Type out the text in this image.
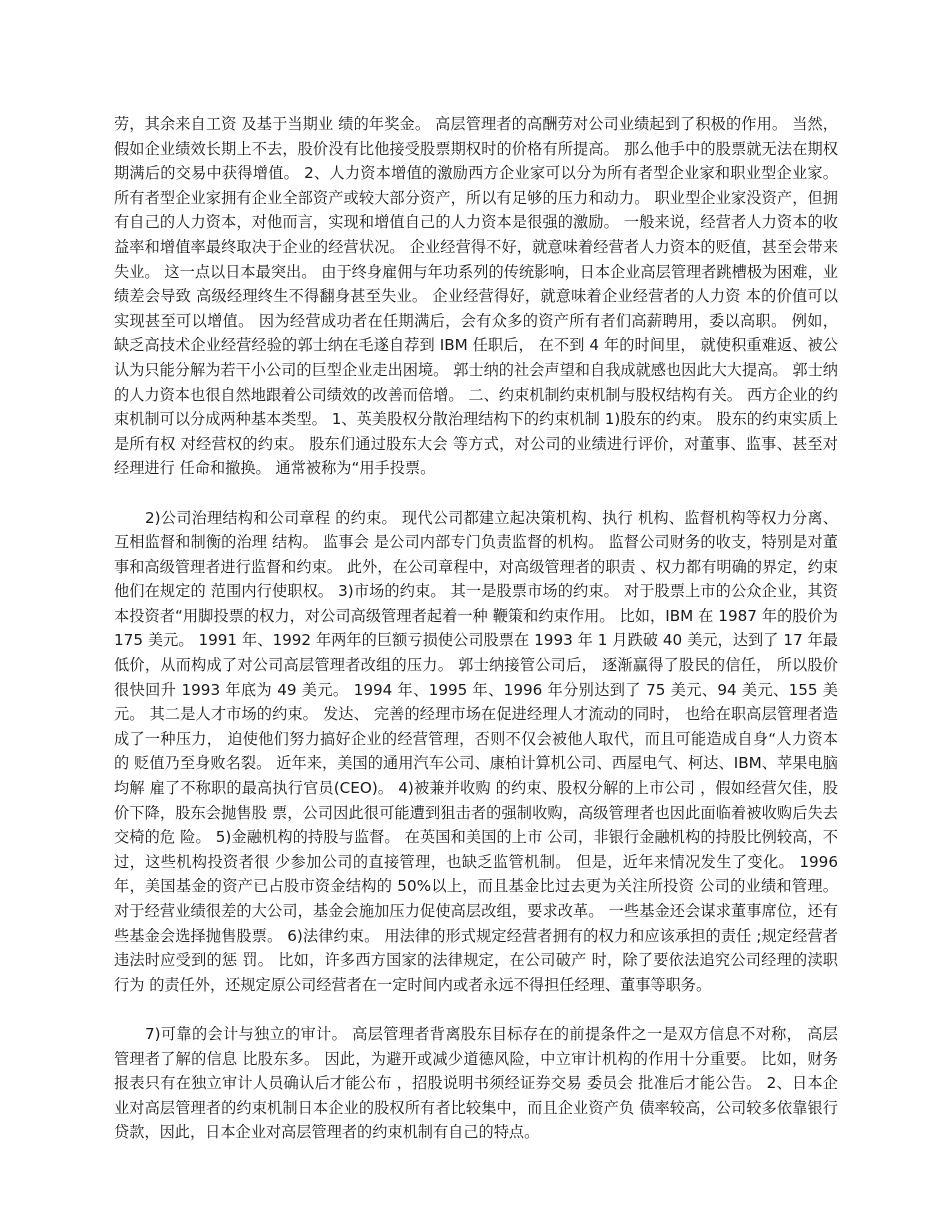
劳，其余来自工资 及基于当期业 绩的年奖金。 高层管理者的高酬劳对公司业绩起到了积极的作用。 当然，假如企业绩效长期上不去，股价没有比他接受股票期权时的价格有所提高。 那么他手中的股票就无法在期权期满后的交易中获得增值。 2、人力资本增值的激励西方企业家可以分为所有者型企业家和职业型企业家。 所有者型企业家拥有企业全部资产或较大部分资产，所以有足够的压力和动力。 职业型企业家没资产，但拥有自己的人力资本，对他而言，实现和增值自己的人力资本是很强的激励。 一般来说，经营者人力资本的收益率和增值率最终取决于企业的经营状况。 企业经营得不好，就意味着经营者人力资本的贬值，甚至会带来失业。 这一点以日本最突出。 由于终身雇佣与年功系列的传统影响，日本企业高层管理者跳槽极为困难，业绩差会导致 高级经理终生不得翻身甚至失业。 企业经营得好，就意味着企业经营者的人力资 本的价值可以实现甚至可以增值。 因为经营成功者在任期满后，会有众多的资产所有者们高薪聘用，委以高职。 例如， 缺乏高技术企业经营经验的郭士纳在毛遂自荐到 IBM 任职后， 在不到 4 年的时间里， 就使积重难返、被公认为只能分解为若干小公司的巨型企业走出困境。 郭士纳的社会声望和自我成就感也因此大大提高。 郭士纳的人力资本也很自然地跟着公司绩效的改善而倍增。 二、约束机制约束机制与股权结构有关。 西方企业的约束机制可以分成两种基本类型。 1、英美股权分散治理结构下的约束机制 1)股东的约束。 股东的约束实质上是所有权 对经营权的约束。 股东们通过股东大会 等方式，对公司的业绩进行评价，对董事、监事、甚至对经理进行 任命和撤换。 通常被称为“用手投票。

2)公司治理结构和公司章程 的约束。 现代公司都建立起决策机构、执行 机构、监督机构等权力分离、互相监督和制衡的治理 结构。 监事会 是公司内部专门负责监督的机构。 监督公司财务的收支，特别是对董事和高级管理者进行监督和约束。 此外，在公司章程中，对高级管理者的职责 、权力都有明确的界定，约束他们在规定的 范围内行使职权。 3)市场的约束。 其一是股票市场的约束。 对于股票上市的公众企业，其资本投资者“用脚投票的权力，对公司高级管理者起着一种 鞭策和约束作用。 比如，IBM 在 1987 年的股价为 175 美元。 1991 年、1992 年两年的巨额亏损使公司股票在 1993 年 1 月跌破 40 美元，达到了 17 年最 低价，从而构成了对公司高层管理者改组的压力。 郭士纳接管公司后， 逐渐赢得了股民的信任， 所以股价很快回升 1993 年底为 49 美元。 1994 年、1995 年、1996 年分别达到了 75 美元、94 美元、155 美元。 其二是人才市场的约束。 发达、 完善的经理市场在促进经理人才流动的同时， 也给在职高层管理者造成了一种压力， 迫使他们努力搞好企业的经营管理，否则不仅会被他人取代，而且可能造成自身“人力资本的 贬值乃至身败名裂。 近年来，美国的通用汽车公司、康柏计算机公司、西屋电气、柯达、IBM、苹果电脑均解 雇了不称职的最高执行官员(CEO)。 4)被兼并收购 的约束、股权分解的上市公司 ，假如经营欠佳，股价下降，股东会抛售股 票，公司因此很可能遭到狙击者的强制收购，高级管理者也因此面临着被收购后失去交椅的危 险。 5)金融机构的持股与监督。 在英国和美国的上市 公司，非银行金融机构的持股比例较高，不过，这些机构投资者很 少参加公司的直接管理，也缺乏监管机制。 但是，近年来情况发生了变化。 1996 年，美国基金的资产已占股市资金结构的 50%以上，而且基金比过去更为关注所投资 公司的业绩和管理。 对于经营业绩很差的大公司，基金会施加压力促使高层改组，要求改革。 一些基金还会谋求董事席位，还有些基金会选择抛售股票。 6)法律约束。 用法律的形式规定经营者拥有的权力和应该承担的责任 ;规定经营者违法时应受到的惩 罚。 比如，许多西方国家的法律规定，在公司破产 时，除了要依法追究公司经理的渎职行为 的责任外，还规定原公司经营者在一定时间内或者永远不得担任经理、董事等职务。

7)可靠的会计与独立的审计。 高层管理者背离股东目标存在的前提条件之一是双方信息不对称， 高层管理者了解的信息 比股东多。 因此，为避开或减少道德风险，中立审计机构的作用十分重要。 比如，财务报表只有在独立审计人员确认后才能公布 ，招股说明书须经证券交易 委员会 批准后才能公告。 2、日本企业对高层管理者的约束机制日本企业的股权所有者比较集中，而且企业资产负 债率较高，公司较多依靠银行贷款，因此，日本企业对高层管理者的约束机制有自己的特点。
